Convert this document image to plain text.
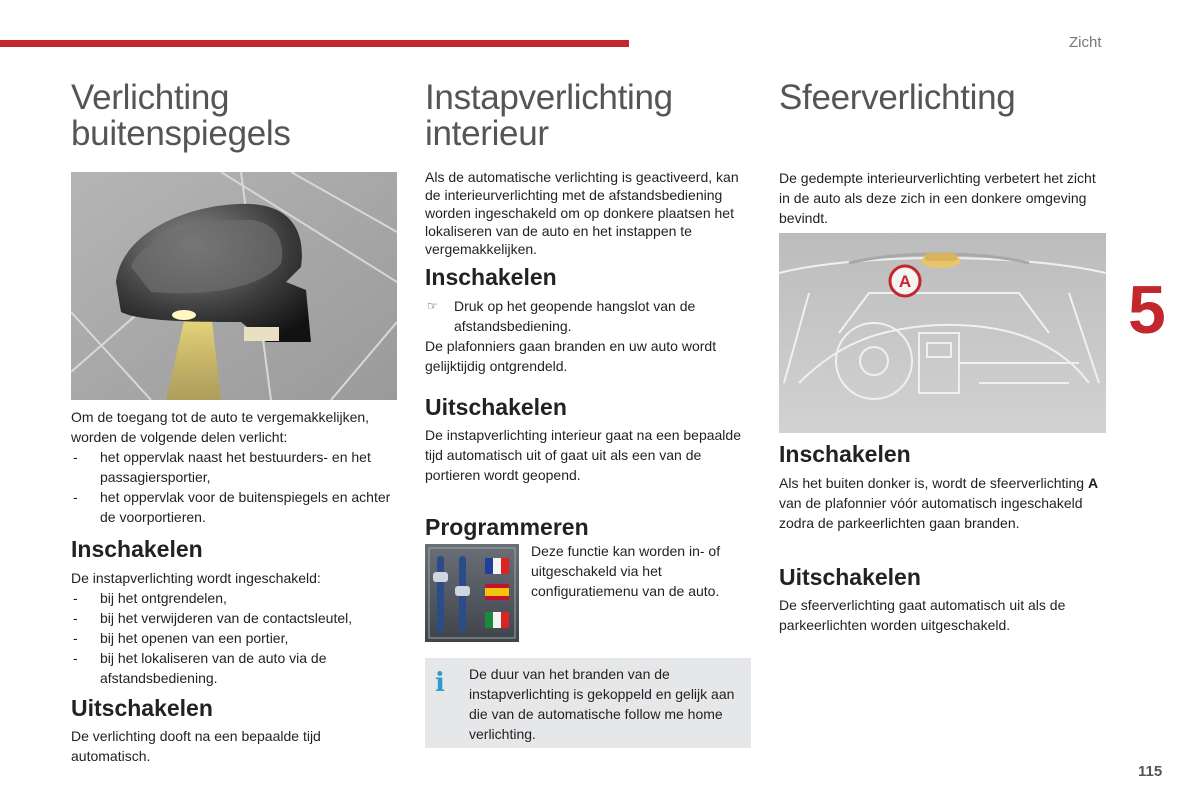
Zicht
5
115
Verlichting
buitenspiegels

Om de toegang tot de auto te vergemakkelijken, worden de volgende delen verlicht:

- het oppervlak naast het bestuurders- en het passagiersportier,
- het oppervlak voor de buitenspiegels en achter de voorportieren.
Inschakelen

De instapverlichting wordt ingeschakeld:

- bij het ontgrendelen,
- bij het verwijderen van de contactsleutel,
- bij het openen van een portier,
- bij het lokaliseren van de auto via de afstandsbediening.
Uitschakelen

De verlichting dooft na een bepaalde tijd automatisch.

Instapverlichting
interieur

Als de automatische verlichting is geactiveerd, kan de interieurverlichting met de afstandsbediening worden ingeschakeld om op donkere plaatsen het lokaliseren van de auto en het instappen te vergemakkelijken.

Inschakelen
☞ Druk op het geopende hangslot van de afstandsbediening.

De plafonniers gaan branden en uw auto wordt gelijktijdig ontgrendeld.

Uitschakelen

De instapverlichting interieur gaat na een bepaalde tijd automatisch uit of gaat uit als een van de portieren wordt geopend.

Programmeren

Deze functie kan worden in- of uitgeschakeld via het configuratiemenu van de auto.

i	De duur van het branden van de instapverlichting is gekoppeld en gelijk aan die van de automatische follow me home verlichting.
Sfeerverlichting

De gedempte interieurverlichting verbetert het zicht in de auto als deze zich in een donkere omgeving bevindt.

A
Inschakelen

Als het buiten donker is, wordt de sfeerverlichting A van de plafonnier vóór automatisch ingeschakeld zodra de parkeerlichten gaan branden.

Uitschakelen

De sfeerverlichting gaat automatisch uit als de parkeerlichten worden uitgeschakeld.
